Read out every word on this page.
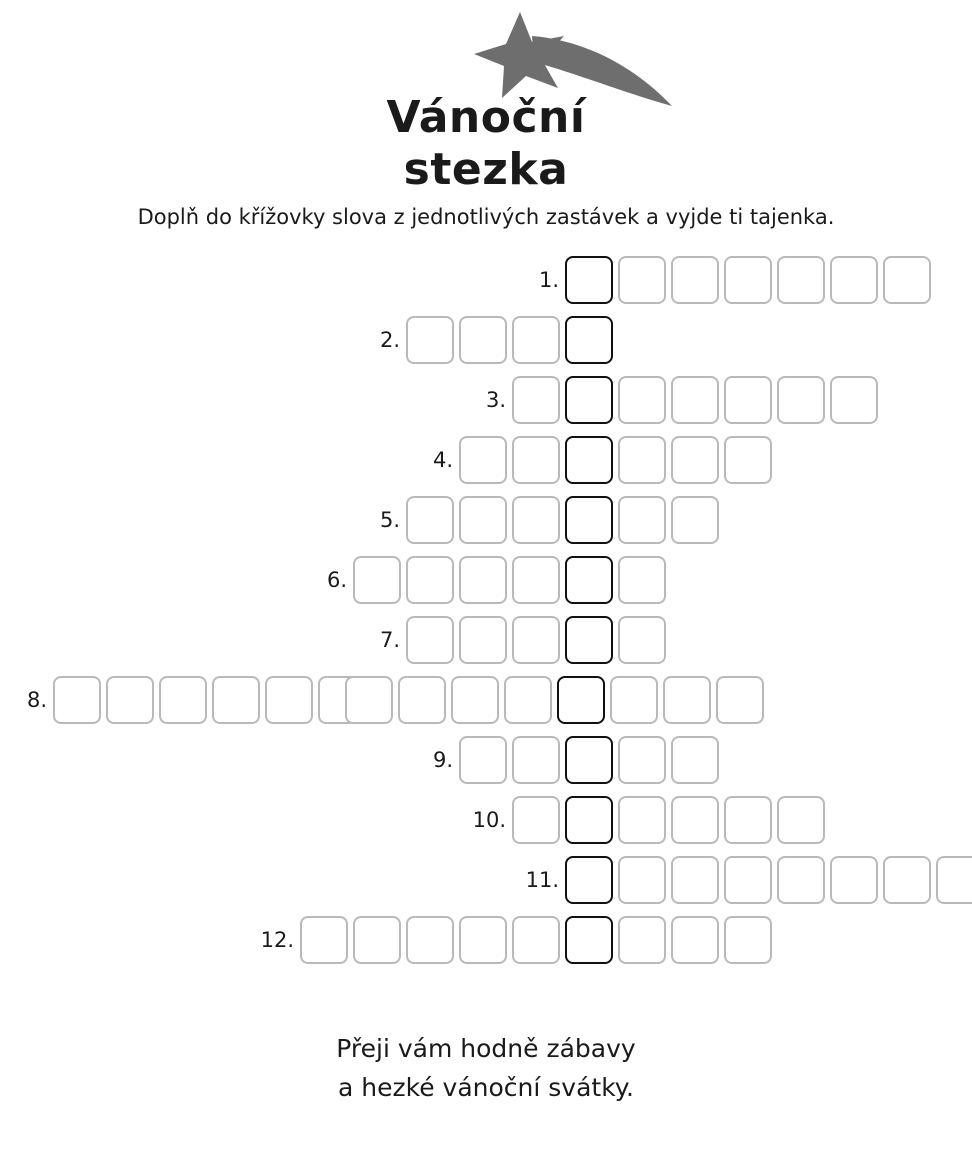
Vánoční
stezka
Doplň do křížovky slova z jednotlivých zastávek a vyjde ti tajenka.
1.
2.
3.
4.
5.
6.
7.
8.
9.
10.
11.
12.
Přeji vám hodně zábavy
a hezké vánoční svátky.
